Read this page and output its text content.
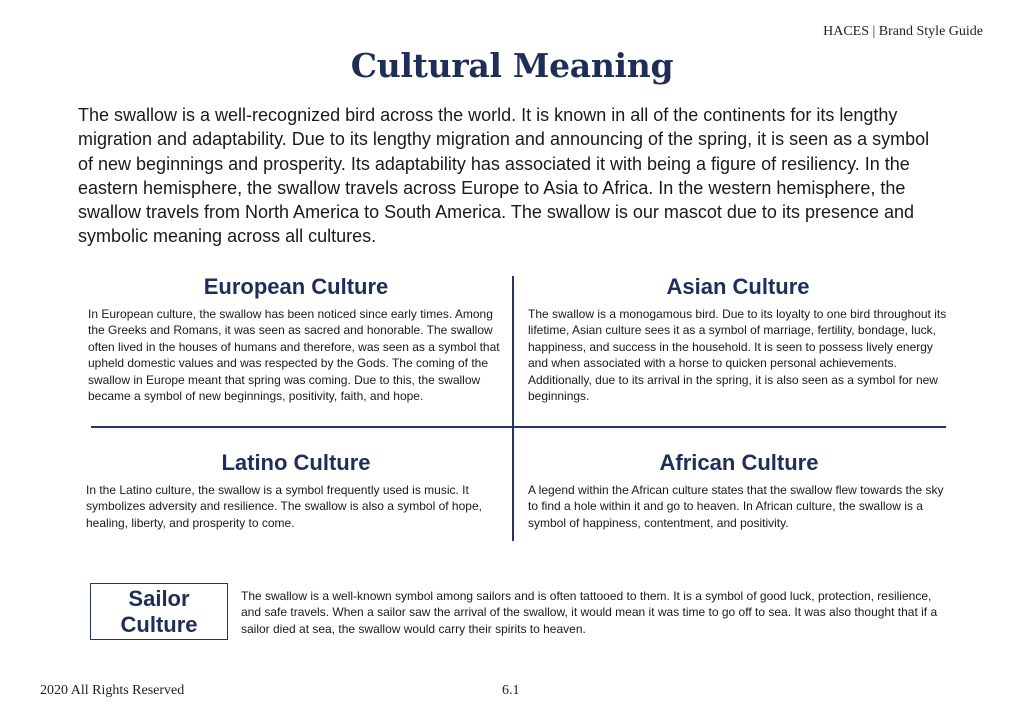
HACES | Brand Style Guide
Cultural Meaning

The swallow is a well-recognized bird across the world. It is known in all of the continents for its lengthy migration and adaptability. Due to its lengthy migration and announcing of the spring, it is seen as a symbol of new beginnings and prosperity. Its adaptability has associated it with being a figure of resiliency. In the eastern hemisphere, the swallow travels across Europe to Asia to Africa. In the western hemisphere, the swallow travels from North America to South America. The swallow is our mascot due to its presence and symbolic meaning across all cultures.

European Culture

In European culture, the swallow has been noticed since early times. Among the Greeks and Romans, it was seen as sacred and honorable. The swallow often lived in the houses of humans and therefore, was seen as a symbol that upheld domestic values and was respected by the Gods. The coming of the swallow in Europe meant that spring was coming. Due to this, the swallow became a symbol of new beginnings, positivity, faith, and hope.

Asian Culture

The swallow is a monogamous bird. Due to its loyalty to one bird throughout its lifetime, Asian culture sees it as a symbol of marriage, fertility, bondage, luck, happiness, and success in the household. It is seen to possess lively energy and when associated with a horse to quicken personal achievements. Additionally, due to its arrival in the spring, it is also seen as a symbol for new beginnings.

Latino Culture

In the Latino culture, the swallow is a symbol frequently used is music. It symbolizes adversity and resilience. The swallow is also a symbol of hope, healing, liberty, and prosperity to come.

African Culture

A legend within the African culture states that the swallow flew towards the sky to find a hole within it and go to heaven. In African culture, the swallow is a symbol of happiness, contentment, and positivity.

Sailor
Culture

The swallow is a well-known symbol among sailors and is often tattooed to them. It is a symbol of good luck, protection, resilience, and safe travels. When a sailor saw the arrival of the swallow, it would mean it was time to go off to sea. It was also thought that if a sailor died at sea, the swallow would carry their spirits to heaven.

2020 All Rights Reserved	6.1
